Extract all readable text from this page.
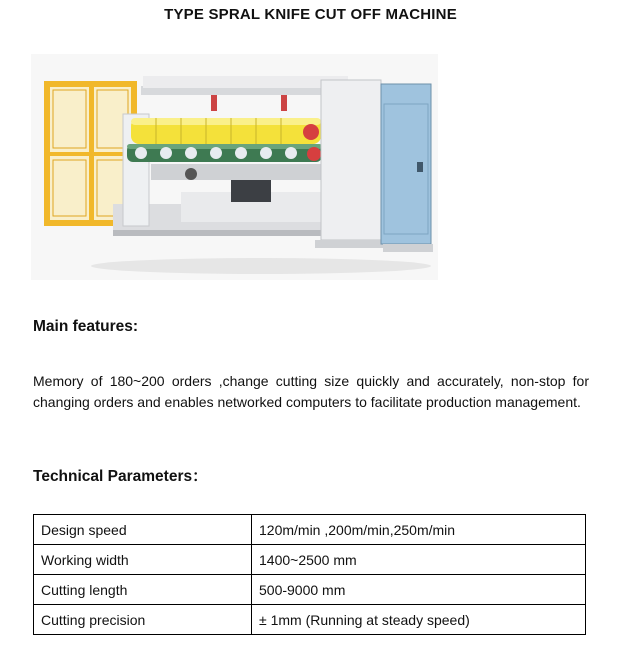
TYPE SPRAL KNIFE CUT OFF MACHINE
Main features:
Memory of 180~200 orders ,change cutting size quickly and accurately, non-stop for changing orders and enables networked computers to facilitate production management.
Technical Parameters：
Design speed	120m/min ,200m/min,250m/min
Working width	1400~2500 mm
Cutting length	500-9000 mm
Cutting precision	± 1mm (Running at steady speed)
